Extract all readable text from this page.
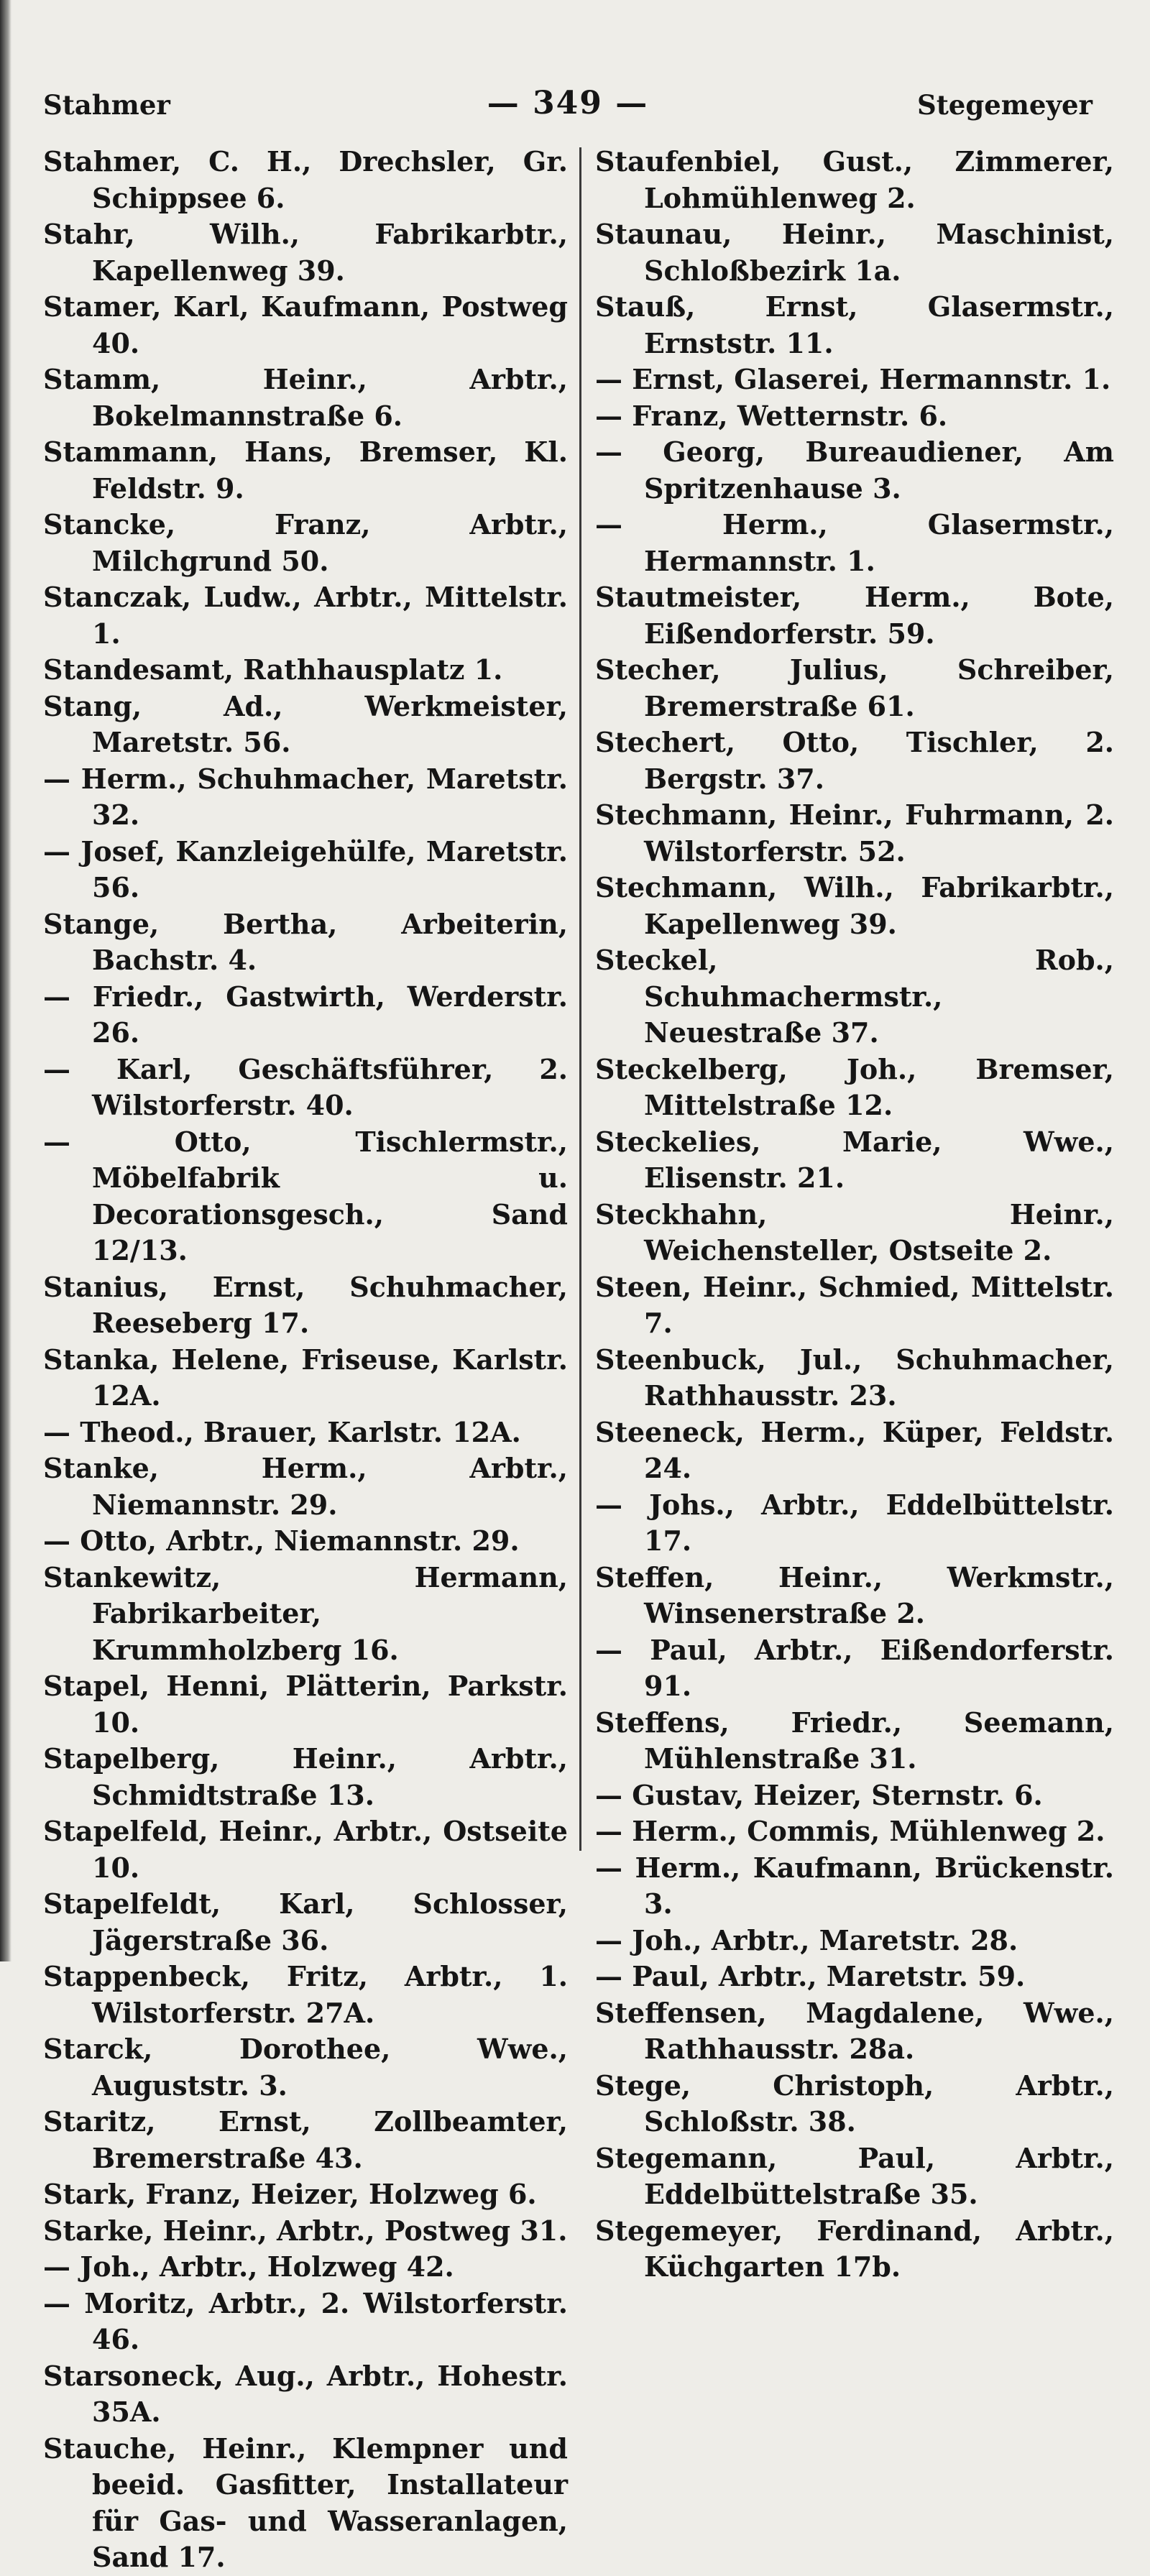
Stahmer	— 349 —	Stegemeyer

Stahmer, C. H., Drechsler, Gr. Schippsee 6.

Stahr, Wilh., Fabrikarbtr., Kapellenweg 39.

Stamer, Karl, Kaufmann, Postweg 40.

Stamm, Heinr., Arbtr., Bokelmannstraße 6.

Stammann, Hans, Bremser, Kl. Feldstr. 9.

Stancke, Franz, Arbtr., Milchgrund 50.

Stanczak, Ludw., Arbtr., Mittelstr. 1.

Standesamt, Rathhausplatz 1.

Stang, Ad., Werkmeister, Maretstr. 56.

— Herm., Schuhmacher, Maretstr. 32.

— Josef, Kanzleigehülfe, Maretstr. 56.

Stange, Bertha, Arbeiterin, Bachstr. 4.

— Friedr., Gastwirth, Werderstr. 26.

— Karl, Geschäftsführer, 2. Wilstorferstr. 40.

— Otto, Tischlermstr., Möbelfabrik u. Decorationsgesch., Sand 12/13.

Stanius, Ernst, Schuhmacher, Reeseberg 17.

Stanka, Helene, Friseuse, Karlstr. 12A.

— Theod., Brauer, Karlstr. 12A.

Stanke, Herm., Arbtr., Niemannstr. 29.

— Otto, Arbtr., Niemannstr. 29.

Stankewitz, Hermann, Fabrikarbeiter, Krummholzberg 16.

Stapel, Henni, Plätterin, Parkstr. 10.

Stapelberg, Heinr., Arbtr., Schmidtstraße 13.

Stapelfeld, Heinr., Arbtr., Ostseite 10.

Stapelfeldt, Karl, Schlosser, Jägerstraße 36.

Stappenbeck, Fritz, Arbtr., 1. Wilstorferstr. 27A.

Starck, Dorothee, Wwe., Auguststr. 3.

Staritz, Ernst, Zollbeamter, Bremerstraße 43.

Stark, Franz, Heizer, Holzweg 6.

Starke, Heinr., Arbtr., Postweg 31.

— Joh., Arbtr., Holzweg 42.

— Moritz, Arbtr., 2. Wilstorferstr. 46.

Starsoneck, Aug., Arbtr., Hohestr. 35A.

Stauche, Heinr., Klempner und beeid. Gasfitter, Installateur für Gas- und Wasseranlagen, Sand 17.

Staufenbiel, Gust., Zimmerer, Lohmühlenweg 2.

Staunau, Heinr., Maschinist, Schloßbezirk 1a.

Stauß, Ernst, Glasermstr., Ernststr. 11.

— Ernst, Glaserei, Hermannstr. 1.

— Franz, Wetternstr. 6.

— Georg, Bureaudiener, Am Spritzenhause 3.

— Herm., Glasermstr., Hermannstr. 1.

Stautmeister, Herm., Bote, Eißendorferstr. 59.

Stecher, Julius, Schreiber, Bremerstraße 61.

Stechert, Otto, Tischler, 2. Bergstr. 37.

Stechmann, Heinr., Fuhrmann, 2. Wilstorferstr. 52.

Stechmann, Wilh., Fabrikarbtr., Kapellenweg 39.

Steckel, Rob., Schuhmachermstr., Neuestraße 37.

Steckelberg, Joh., Bremser, Mittelstraße 12.

Steckelies, Marie, Wwe., Elisenstr. 21.

Steckhahn, Heinr., Weichensteller, Ostseite 2.

Steen, Heinr., Schmied, Mittelstr. 7.

Steenbuck, Jul., Schuhmacher, Rathhausstr. 23.

Steeneck, Herm., Küper, Feldstr. 24.

— Johs., Arbtr., Eddelbüttelstr. 17.

Steffen, Heinr., Werkmstr., Winsenerstraße 2.

— Paul, Arbtr., Eißendorferstr. 91.

Steffens, Friedr., Seemann, Mühlenstraße 31.

— Gustav, Heizer, Sternstr. 6.

— Herm., Commis, Mühlenweg 2.

— Herm., Kaufmann, Brückenstr. 3.

— Joh., Arbtr., Maretstr. 28.

— Paul, Arbtr., Maretstr. 59.

Steffensen, Magdalene, Wwe., Rathhausstr. 28a.

Stege, Christoph, Arbtr., Schloßstr. 38.

Stegemann, Paul, Arbtr., Eddelbüttelstraße 35.

Stegemeyer, Ferdinand, Arbtr., Küchgarten 17b.
